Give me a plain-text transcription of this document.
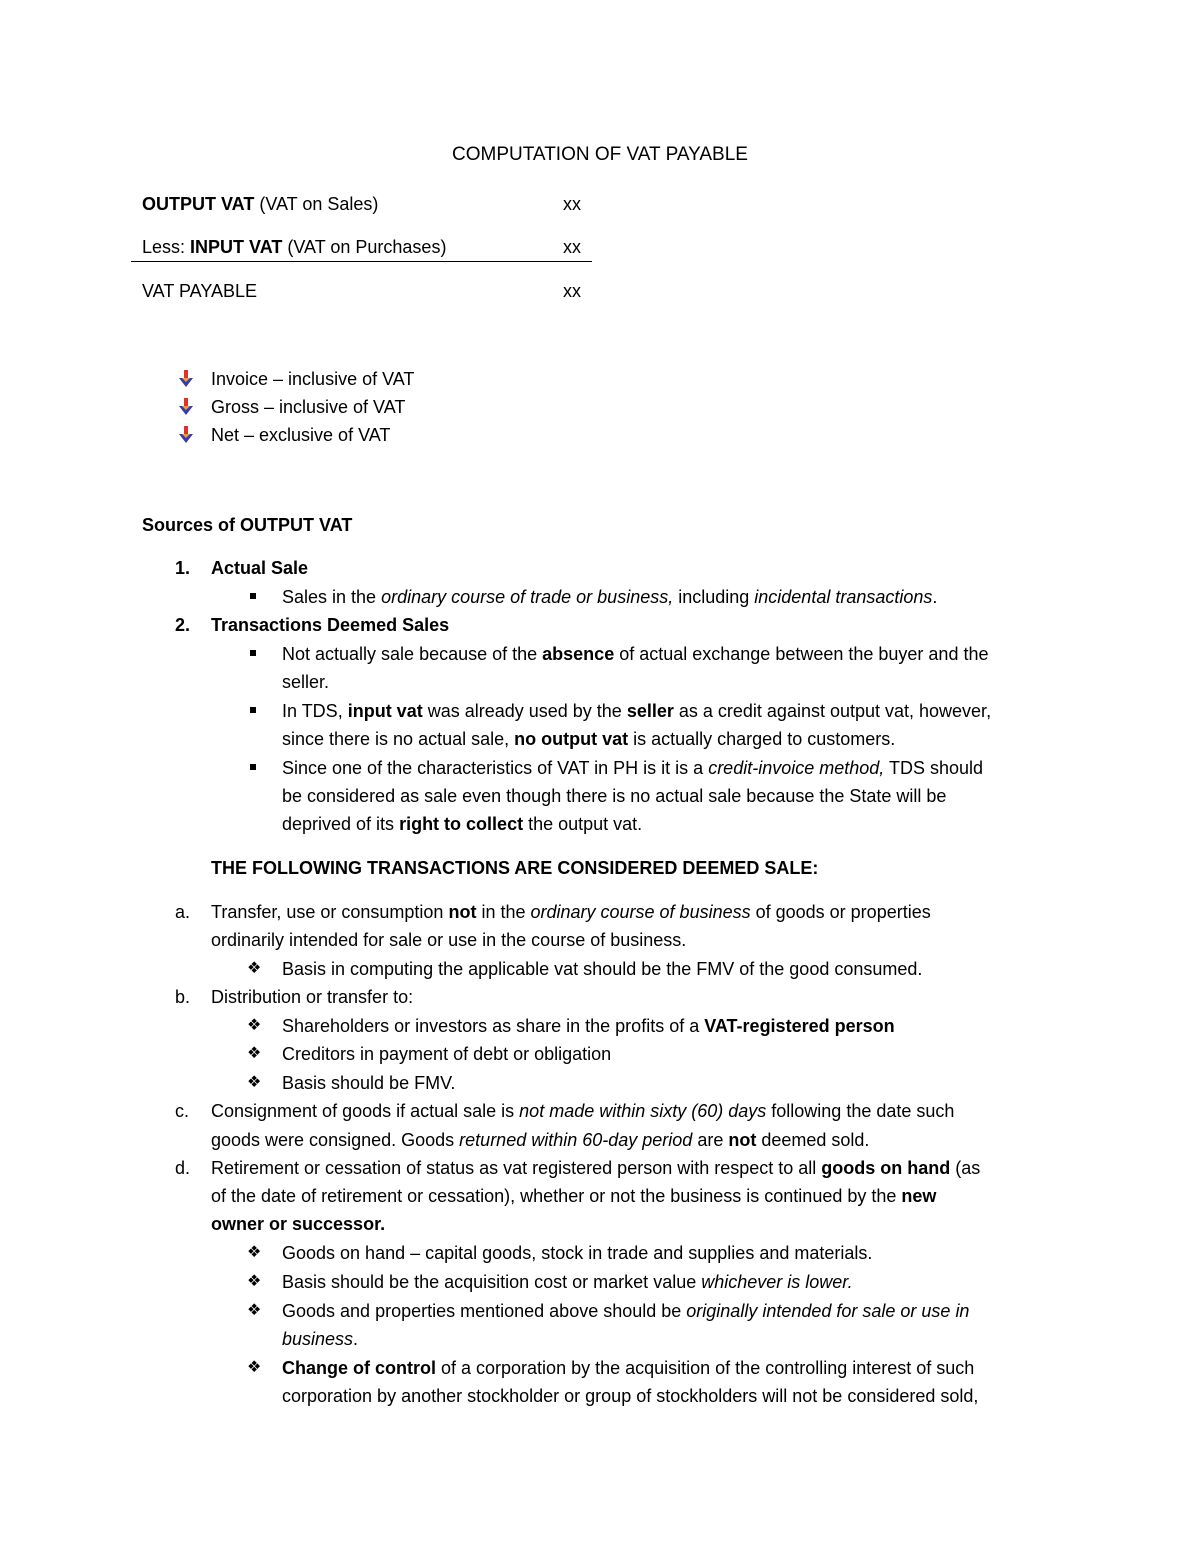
COMPUTATION OF VAT PAYABLE
OUTPUT VAT (VAT on Sales)	xx
Less: INPUT VAT (VAT on Purchases)	xx
VAT PAYABLE	xx
Invoice – inclusive of VAT
Gross – inclusive of VAT
Net – exclusive of VAT
Sources of OUTPUT VAT
1. Actual Sale
Sales in the ordinary course of trade or business, including incidental transactions.
2. Transactions Deemed Sales
Not actually sale because of the absence of actual exchange between the buyer and the
seller.
In TDS, input vat was already used by the seller as a credit against output vat, however,
since there is no actual sale, no output vat is actually charged to customers.
Since one of the characteristics of VAT in PH is it is a credit-invoice method, TDS should
be considered as sale even though there is no actual sale because the State will be
deprived of its right to collect the output vat.
THE FOLLOWING TRANSACTIONS ARE CONSIDERED DEEMED SALE:
a. Transfer, use or consumption not in the ordinary course of business of goods or properties
ordinarily intended for sale or use in the course of business.
❖ Basis in computing the applicable vat should be the FMV of the good consumed.
b. Distribution or transfer to:
❖ Shareholders or investors as share in the profits of a VAT-registered person
❖ Creditors in payment of debt or obligation
❖ Basis should be FMV.
c. Consignment of goods if actual sale is not made within sixty (60) days following the date such
goods were consigned. Goods returned within 60-day period are not deemed sold.
d. Retirement or cessation of status as vat registered person with respect to all goods on hand (as
of the date of retirement or cessation), whether or not the business is continued by the new
owner or successor.
❖ Goods on hand – capital goods, stock in trade and supplies and materials.
❖ Basis should be the acquisition cost or market value whichever is lower.
❖ Goods and properties mentioned above should be originally intended for sale or use in
business.
❖ Change of control of a corporation by the acquisition of the controlling interest of such
corporation by another stockholder or group of stockholders will not be considered sold,
